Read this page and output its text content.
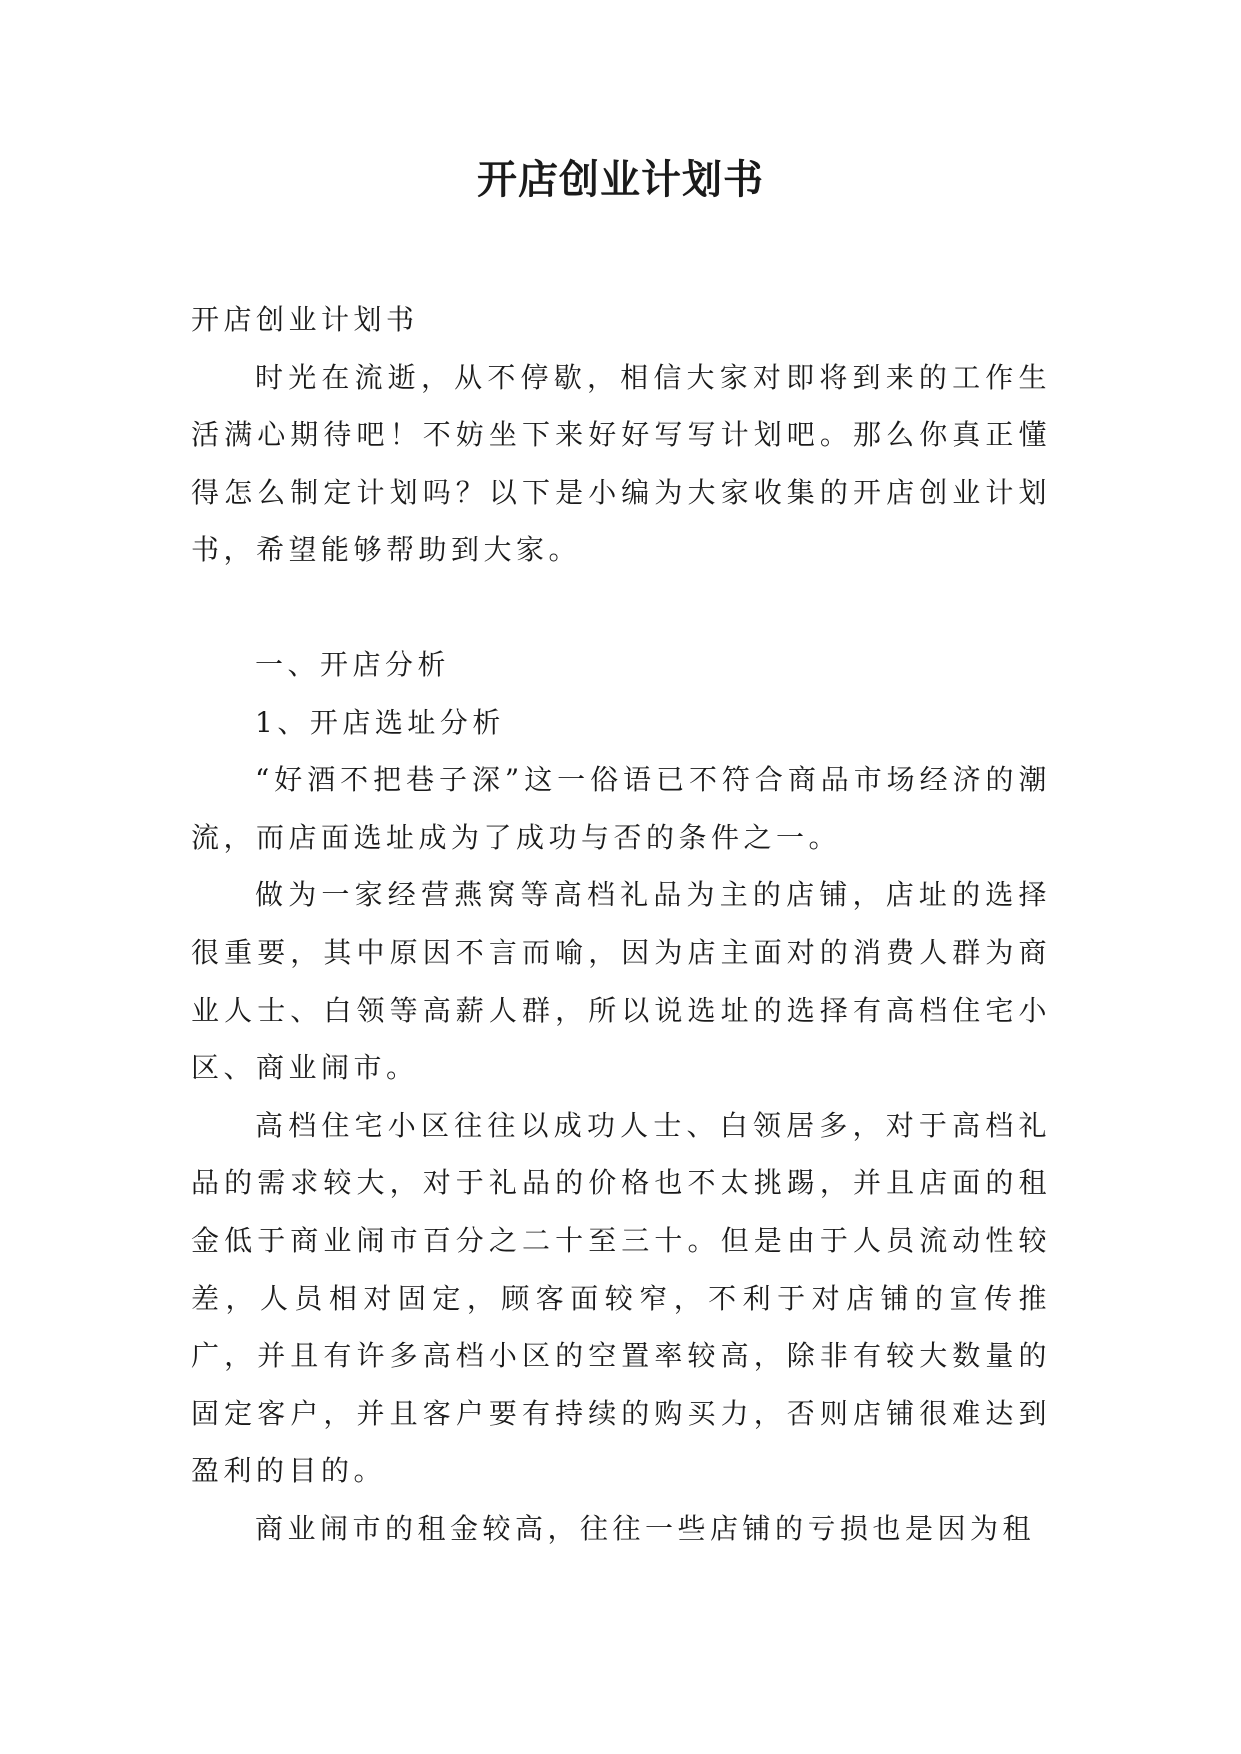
开店创业计划书

开店创业计划书

时光在流逝，从不停歇，相信大家对即将到来的工作生活满心期待吧！不妨坐下来好好写写计划吧。那么你真正懂得怎么制定计划吗？以下是小编为大家收集的开店创业计划书，希望能够帮助到大家。

一、开店分析

1、开店选址分析

“好酒不把巷子深”这一俗语已不符合商品市场经济的潮流，而店面选址成为了成功与否的条件之一。

做为一家经营燕窝等高档礼品为主的店铺，店址的选择很重要，其中原因不言而喻，因为店主面对的消费人群为商业人士、白领等高薪人群，所以说选址的选择有高档住宅小区、商业闹市。

高档住宅小区往往以成功人士、白领居多，对于高档礼品的需求较大，对于礼品的价格也不太挑踢，并且店面的租金低于商业闹市百分之二十至三十。但是由于人员流动性较差，人员相对固定，顾客面较窄，不利于对店铺的宣传推广，并且有许多高档小区的空置率较高，除非有较大数量的固定客户，并且客户要有持续的购买力，否则店铺很难达到盈利的目的。

商业闹市的租金较高，往往一些店铺的亏损也是因为租
